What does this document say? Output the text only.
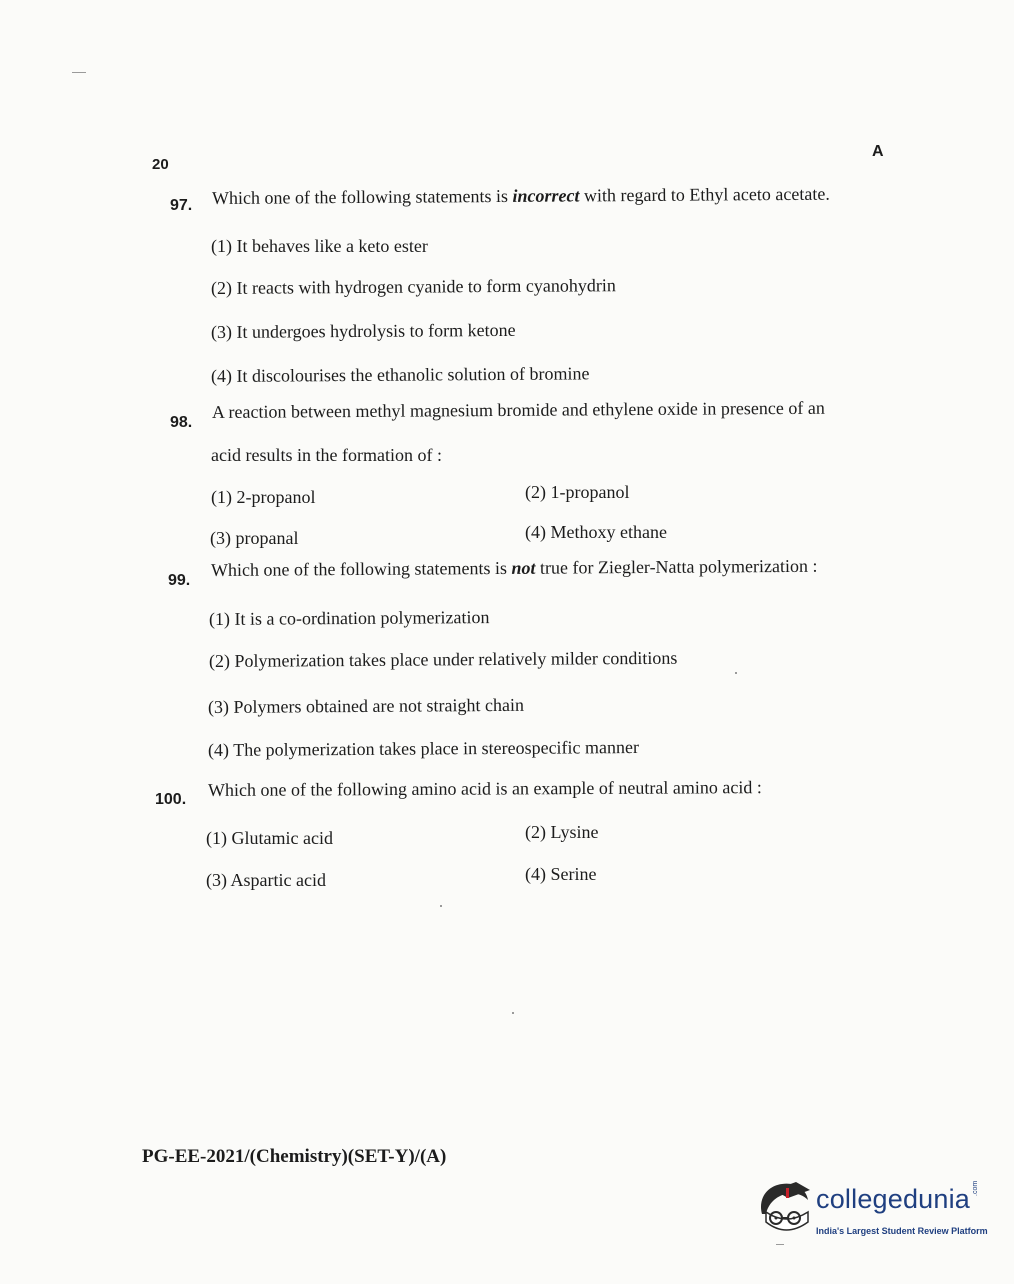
20
A
97. Which one of the following statements is incorrect with regard to Ethyl aceto acetate.
(1) It behaves like a keto ester
(2) It reacts with hydrogen cyanide to form cyanohydrin
(3) It undergoes hydrolysis to form ketone
(4) It discolourises the ethanolic solution of bromine
98.
A reaction between methyl magnesium bromide and ethylene oxide in presence of an
acid results in the formation of :
(1) 2-propanol	(2) 1-propanol
(3) propanal	(4) Methoxy ethane
99.
Which one of the following statements is not true for Ziegler-Natta polymerization :
(1) It is a co-ordination polymerization
(2) Polymerization takes place under relatively milder conditions
(3) Polymers obtained are not straight chain
(4) The polymerization takes place in stereospecific manner
100. Which one of the following amino acid is an example of neutral amino acid :
(1) Glutamic acid	(2) Lysine
(3) Aspartic acid	(4) Serine
PG-EE-2021/(Chemistry)(SET-Y)/(A)
collegedunia .com
India's Largest Student Review Platform
